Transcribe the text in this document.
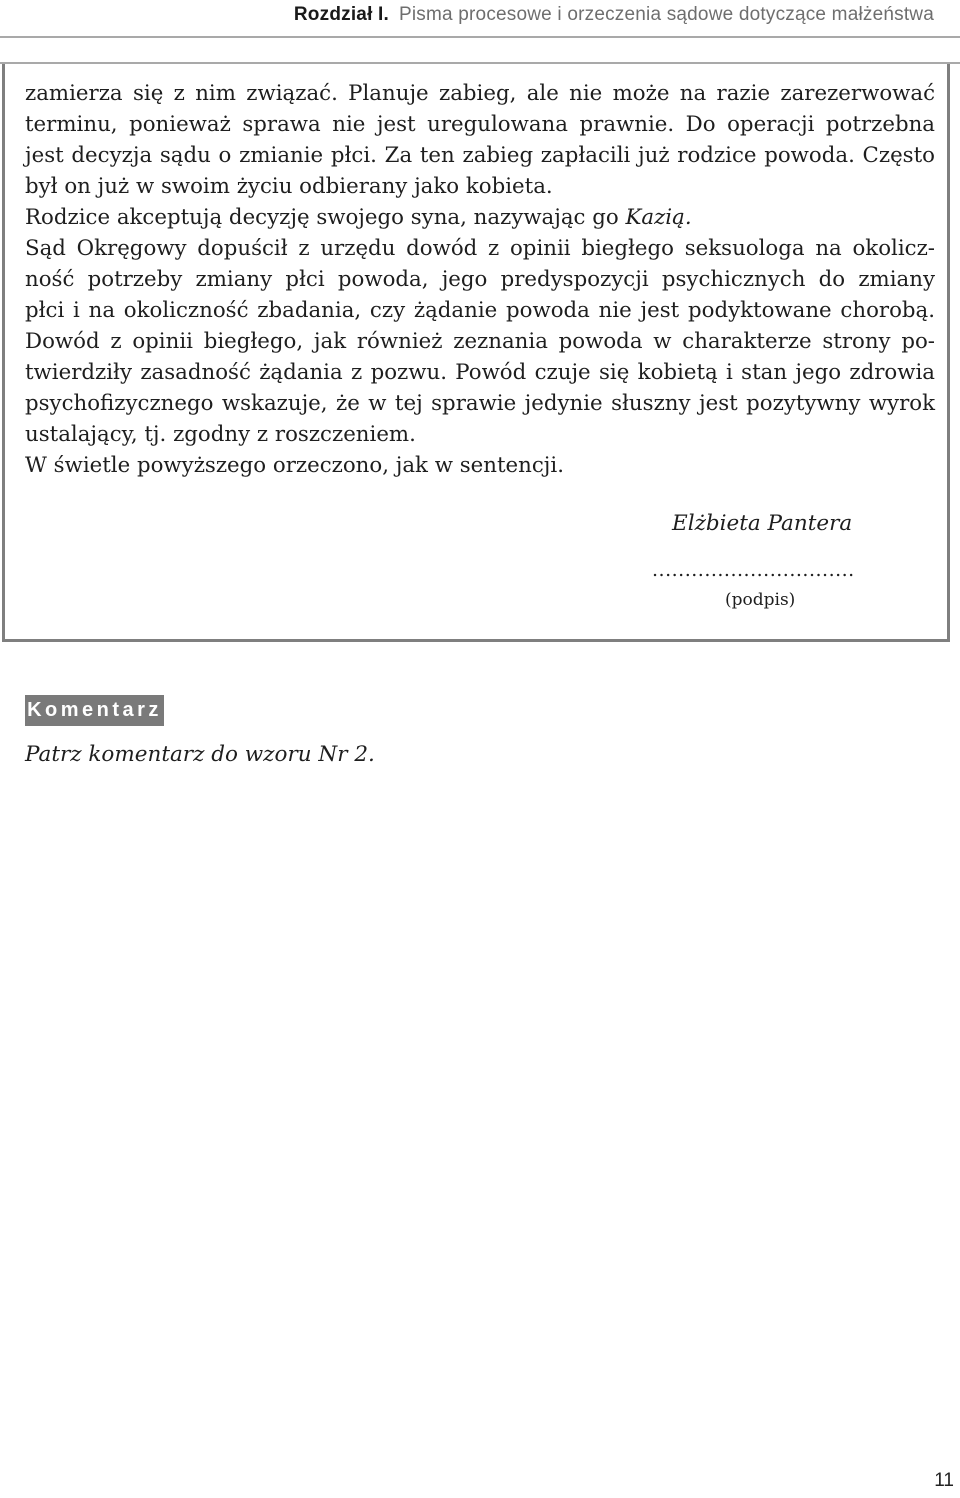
Rozdział I. Pisma procesowe i orzeczenia sądowe dotyczące małżeństwa

zamierza się z nim związać. Planuje zabieg, ale nie może na razie zarezerwować

terminu, ponieważ sprawa nie jest uregulowana prawnie. Do operacji potrzebna

jest decyzja sądu o zmianie płci. Za ten zabieg zapłacili już rodzice powoda. Często

był on już w swoim życiu odbierany jako kobieta.

Rodzice akceptują decyzję swojego syna, nazywając go Kazią.

Sąd Okręgowy dopuścił z urzędu dowód z opinii biegłego seksuologa na okolicz-

ność potrzeby zmiany płci powoda, jego predyspozycji psychicznych do zmiany

płci i na okoliczność zbadania, czy żądanie powoda nie jest podyktowane chorobą.

Dowód z opinii biegłego, jak również zeznania powoda w charakterze strony po-

twierdziły zasadność żądania z pozwu. Powód czuje się kobietą i stan jego zdrowia

psychofizycznego wskazuje, że w tej sprawie jedynie słuszny jest pozytywny wyrok

ustalający, tj. zgodny z roszczeniem.

W świetle powyższego orzeczono, jak w sentencji.

Elżbieta Pantera
...............................
(podpis)
Komentarz
Patrz komentarz do wzoru Nr 2.
11
